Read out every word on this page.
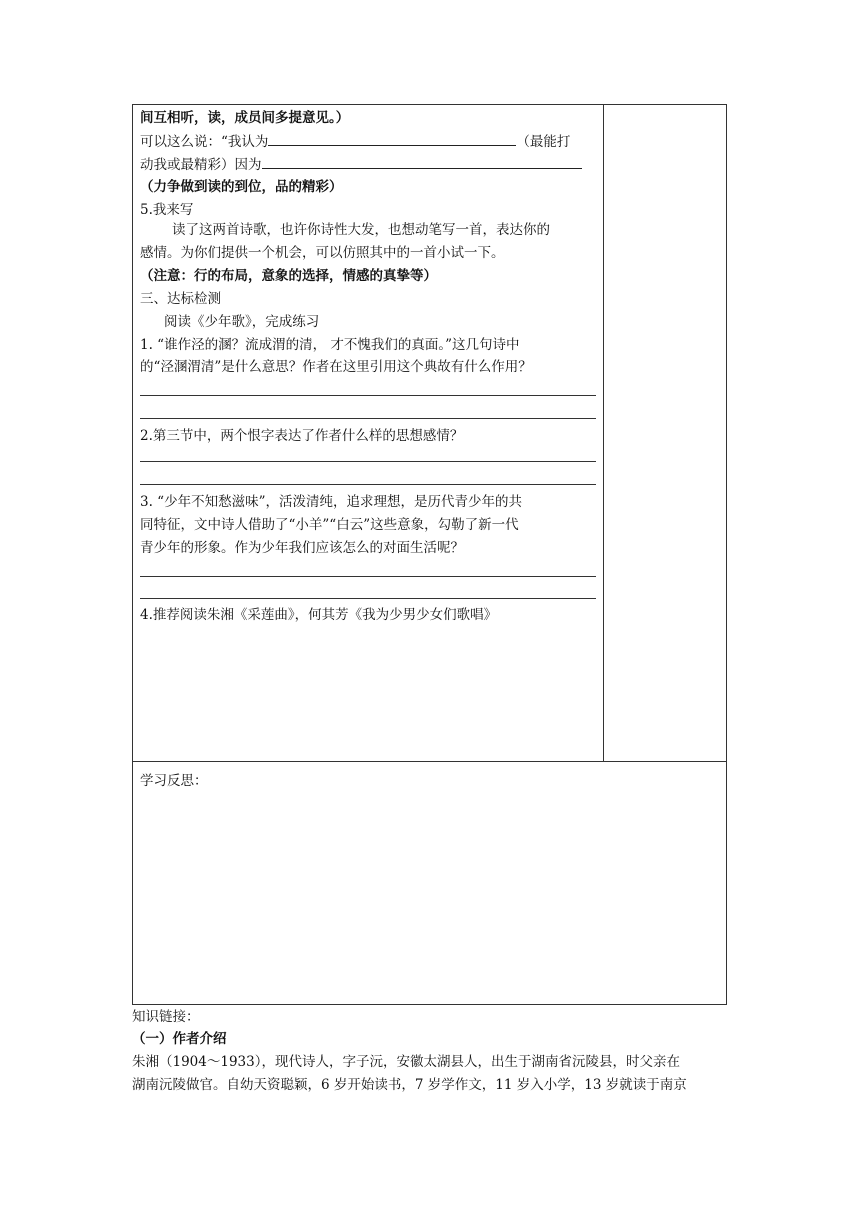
间互相听，读，成员间多提意见。）
可以这么说：“我认为	（最能打
动我或最精彩）因为
（力争做到读的到位，品的精彩）
5.我来写
读了这两首诗歌，也许你诗性大发，也想动笔写一首，表达你的
感情。为你们提供一个机会，可以仿照其中的一首小试一下。
（注意：行的布局，意象的选择，情感的真挚等）
三、达标检测
阅读《少年歌》，完成练习
1. “谁作泾的溷？流成渭的清， 才不愧我们的真面。”这几句诗中
的“泾溷渭清”是什么意思？作者在这里引用这个典故有什么作用？
2.第三节中，两个恨字表达了作者什么样的思想感情？
3. “少年不知愁滋味”，活泼清纯，追求理想，是历代青少年的共
同特征，文中诗人借助了“小羊”“白云”这些意象，勾勒了新一代
青少年的形象。作为少年我们应该怎么的对面生活呢？
4.推荐阅读朱湘《采莲曲》，何其芳《我为少男少女们歌唱》
学习反思：
知识链接：
（一）作者介绍
朱湘（1904～1933），现代诗人，字子沅，安徽太湖县人，出生于湖南省沅陵县，时父亲在
湖南沅陵做官。自幼天资聪颖，6 岁开始读书，7 岁学作文，11 岁入小学，13 岁就读于南京
